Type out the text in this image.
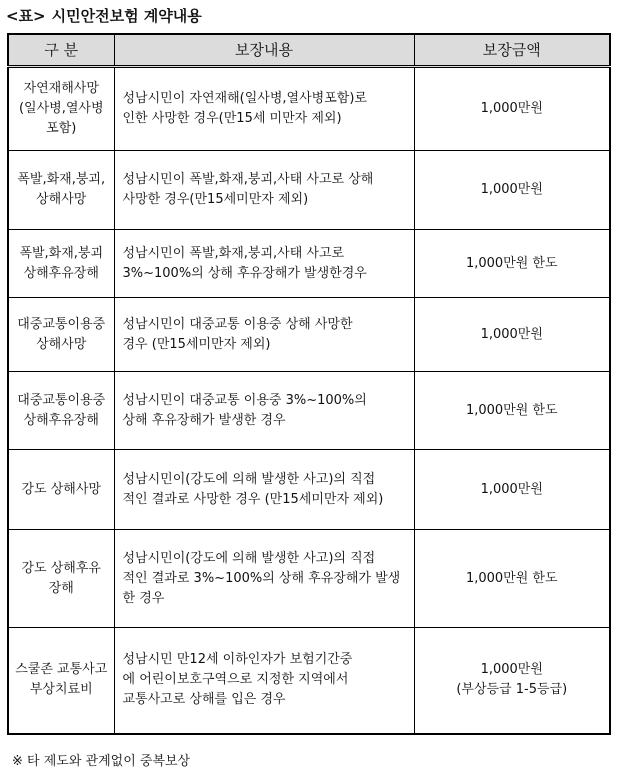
<표> 시민안전보험 계약내용
구 분	보장내용	보장금액
자연재해사망
(일사병,열사병
포함)	성남시민이 자연재해(일사병,열사병포함)로
인한 사망한 경우(만15세 미만자 제외)	1,000만원
폭발,화재,붕괴,
상해사망	성남시민이 폭발,화재,붕괴,사태 사고로 상해
사망한 경우(만15세미만자 제외)	1,000만원
폭발,화재,붕괴
상해후유장해	성남시민이 폭발,화재,붕괴,사태 사고로
3%~100%의 상해 후유장해가 발생한경우	1,000만원 한도
대중교통이용중
상해사망	성남시민이 대중교통 이용중 상해 사망한
경우 (만15세미만자 제외)	1,000만원
대중교통이용중
상해후유장해	성남시민이 대중교통 이용중 3%~100%의
상해 후유장해가 발생한 경우	1,000만원 한도
강도 상해사망	성남시민이(강도에 의해 발생한 사고)의 직접
적인 결과로 사망한 경우 (만15세미만자 제외)	1,000만원
강도 상해후유
장해	성남시민이(강도에 의해 발생한 사고)의 직접
적인 결과로 3%~100%의 상해 후유장해가 발생
한 경우	1,000만원 한도
스쿨존 교통사고
부상치료비	성남시민 만12세 이하인자가 보험기간중
에 어린이보호구역으로 지정한 지역에서
교통사고로 상해를 입은 경우	1,000만원
(부상등급 1-5등급)
※ 타 제도와 관계없이 중복보상
